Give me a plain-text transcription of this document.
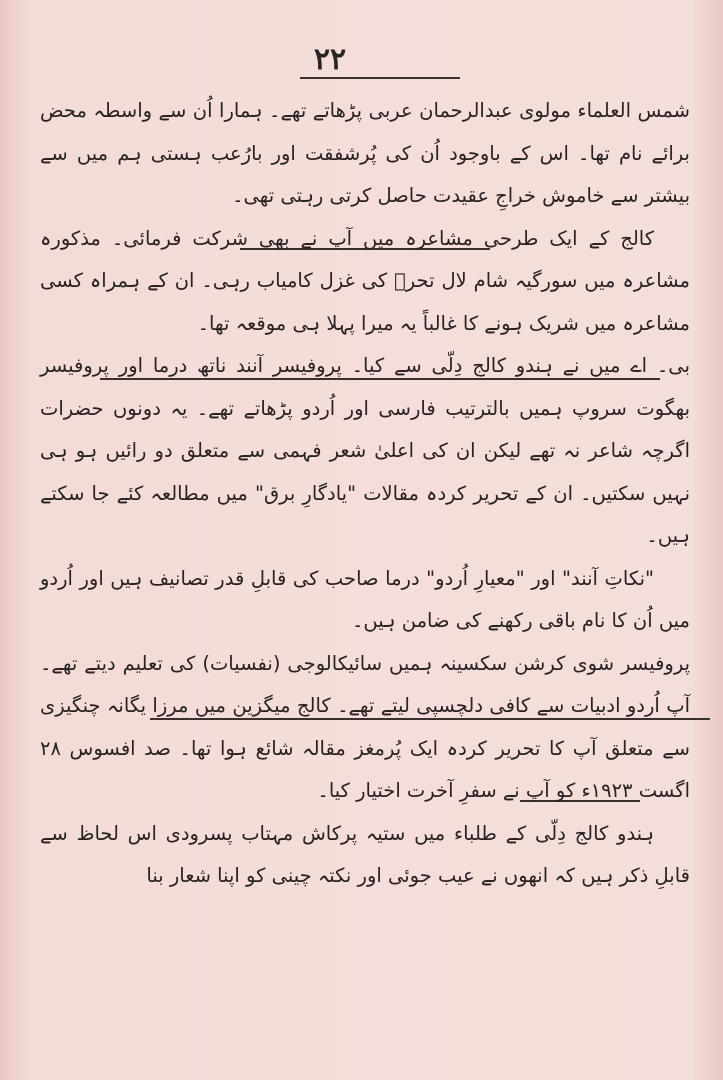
۲۲

شمس العلماء مولوی عبدالرحمان عربی پڑھاتے تھے۔ ہمارا اُن سے واسطہ محض برائے نام تھا۔ اس کے باوجود اُن کی پُرشفقت اور بارُعب ہستی ہم میں سے بیشتر سے خاموش خراجِ عقیدت حاصل کرتی رہتی تھی۔

کالج کے ایک طرحی مشاعرہ میں آپ نے بھی شرکت فرمائی۔ مذکورہ مشاعرہ میں سورگیہ شام لال تحرؔ کی غزل کامیاب رہی۔ ان کے ہمراہ کسی مشاعرہ میں شریک ہونے کا غالباً یہ میرا پہلا ہی موقعہ تھا۔

بی۔ اے میں نے ہندو کالج دِلّی سے کیا۔ پروفیسر آنند ناتھ درما اور پروفیسر بھگوت سروپ ہمیں بالترتیب فارسی اور اُردو پڑھاتے تھے۔ یہ دونوں حضرات اگرچہ شاعر نہ تھے لیکن ان کی اعلیٰ شعر فہمی سے متعلق دو رائیں ہو ہی نہیں سکتیں۔ ان کے تحریر کردہ مقالات "یادگارِ برق" میں مطالعہ کئے جا سکتے ہیں۔

"نکاتِ آنند" اور "معیارِ اُردو" درما صاحب کی قابلِ قدر تصانیف ہیں اور اُردو میں اُن کا نام باقی رکھنے کی ضامن ہیں۔

پروفیسر شوی کرشن سکسینہ ہمیں سائیکالوجی (نفسیات) کی تعلیم دیتے تھے۔ آپ اُردو ادبیات سے کافی دلچسپی لیتے تھے۔ کالج میگزین میں مرزا یگانہ چنگیزی سے متعلق آپ کا تحریر کردہ ایک پُرمغز مقالہ شائع ہوا تھا۔ صد افسوس ۲۸ اگست ۱۹۲۳ء کو آپ نے سفرِ آخرت اختیار کیا۔

ہندو کالج دِلّی کے طلباء میں ستیہ پرکاش مہتاب پسرودی اس لحاظ سے قابلِ ذکر ہیں کہ انھوں نے عیب جوئی اور نکتہ چینی کو اپنا شعار بنا
